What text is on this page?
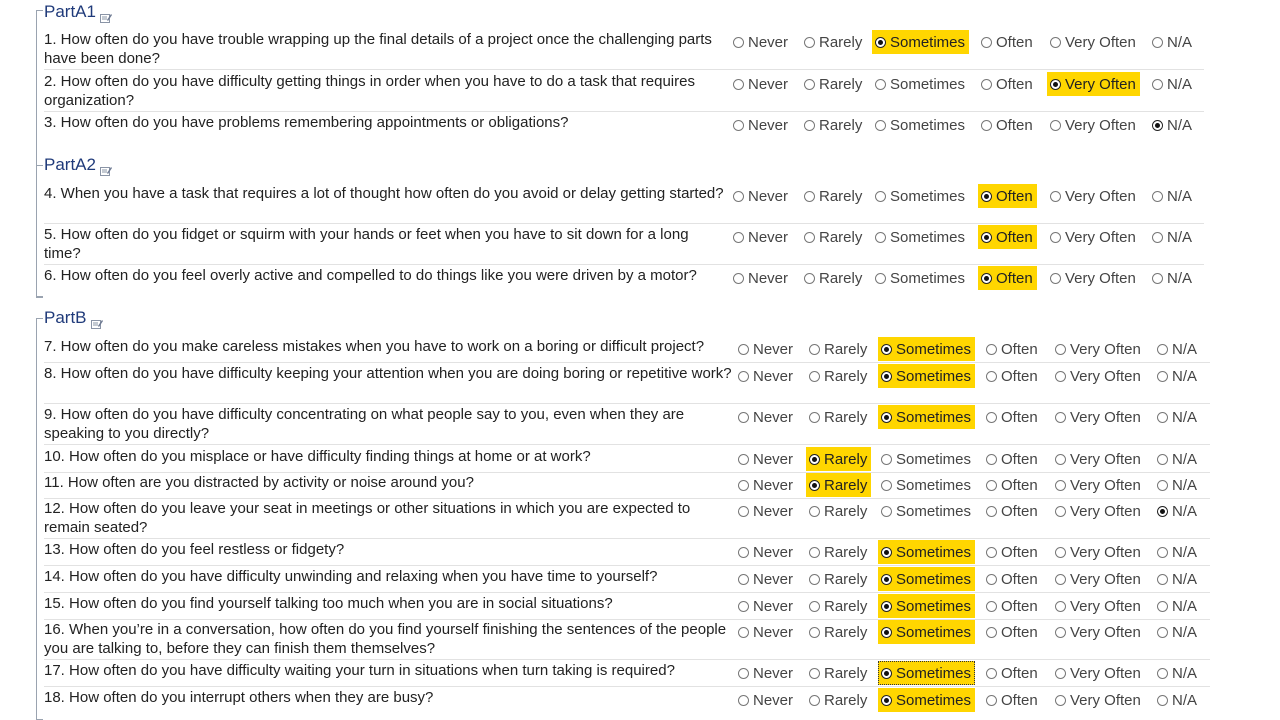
PartA1
1. How often do you have trouble wrapping up the final details of a project once the challenging parts have been done?
Never Rarely Sometimes Often Very Often N/A
2. How often do you have difficulty getting things in order when you have to do a task that requires organization?
Never Rarely Sometimes Often Very Often N/A
3. How often do you have problems remembering appointments or obligations?	Never Rarely Sometimes Often Very Often N/A
PartA2
4. When you have a task that requires a lot of thought how often do you avoid or delay getting started? Never Rarely Sometimes Often Very Often N/A
5. How often do you fidget or squirm with your hands or feet when you have to sit down for a long time?
Never Rarely Sometimes Often Very Often N/A
6. How often do you feel overly active and compelled to do things like you were driven by a motor?	Never Rarely Sometimes Often Very Often N/A
PartB
7. How often do you make careless mistakes when you have to work on a boring or difficult project?	Never Rarely Sometimes Often Very Often N/A
8. How often do you have difficulty keeping your attention when you are doing boring or repetitive work? Never Rarely Sometimes Often Very Often N/A
9. How often do you have difficulty concentrating on what people say to you, even when they are speaking to you directly?
Never Rarely Sometimes Often Very Often N/A
10. How often do you misplace or have difficulty finding things at home or at work?	Never Rarely Sometimes Often Very Often N/A
11. How often are you distracted by activity or noise around you?	Never Rarely Sometimes Often Very Often N/A
12. How often do you leave your seat in meetings or other situations in which you are expected to remain seated?
Never Rarely Sometimes Often Very Often N/A
13. How often do you feel restless or fidgety?	Never Rarely Sometimes Often Very Often N/A
14. How often do you have difficulty unwinding and relaxing when you have time to yourself?	Never Rarely Sometimes Often Very Often N/A
15. How often do you find yourself talking too much when you are in social situations?	Never Rarely Sometimes Often Very Often N/A
16. When you’re in a conversation, how often do you find yourself finishing the sentences of the people you are talking to, before they can finish them themselves?
Never Rarely Sometimes Often Very Often N/A
17. How often do you have difficulty waiting your turn in situations when turn taking is required?	Never Rarely Sometimes Often Very Often N/A
18. How often do you interrupt others when they are busy?	Never Rarely Sometimes Often Very Often N/A
